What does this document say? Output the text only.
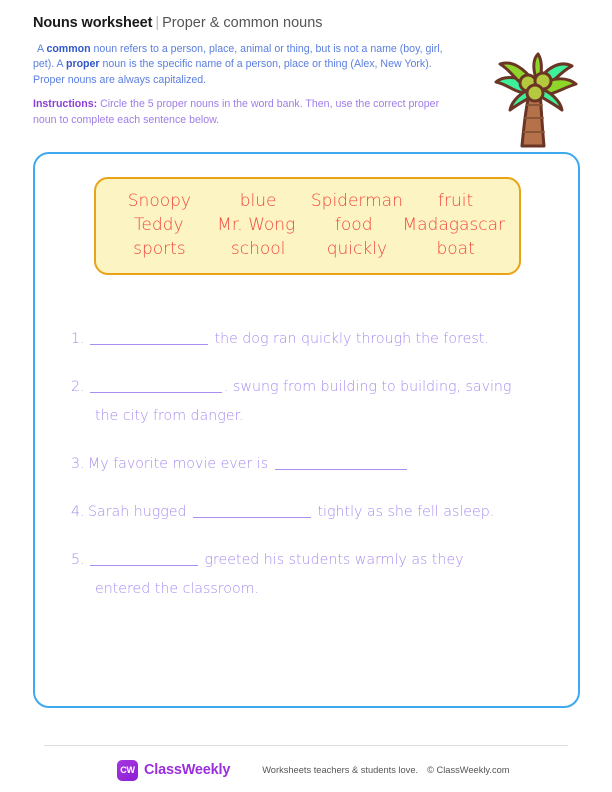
Nouns worksheet | Proper & common nouns
A common noun refers to a person, place, animal or thing, but is not a name (boy, girl, pet). A proper noun is the specific name of a person, place or thing (Alex, New York). Proper nouns are always capitalized.
Instructions: Circle the 5 proper nouns in the word bank. Then, use the correct proper noun to complete each sentence below.
Snoopy	blue	Spiderman	fruit
Teddy	Mr. Wong	food	Madagascar
sports	school	quickly	boat
1.	the dog ran quickly through the forest.
2.	. swung from building to building, saving
the city from danger.
3. My favorite movie ever is
4. Sarah hugged	tightly as she fell asleep.
5.	greeted his students warmly as they
entered the classroom.
CW ClassWeekly	Worksheets teachers & students love. © ClassWeekly.com
